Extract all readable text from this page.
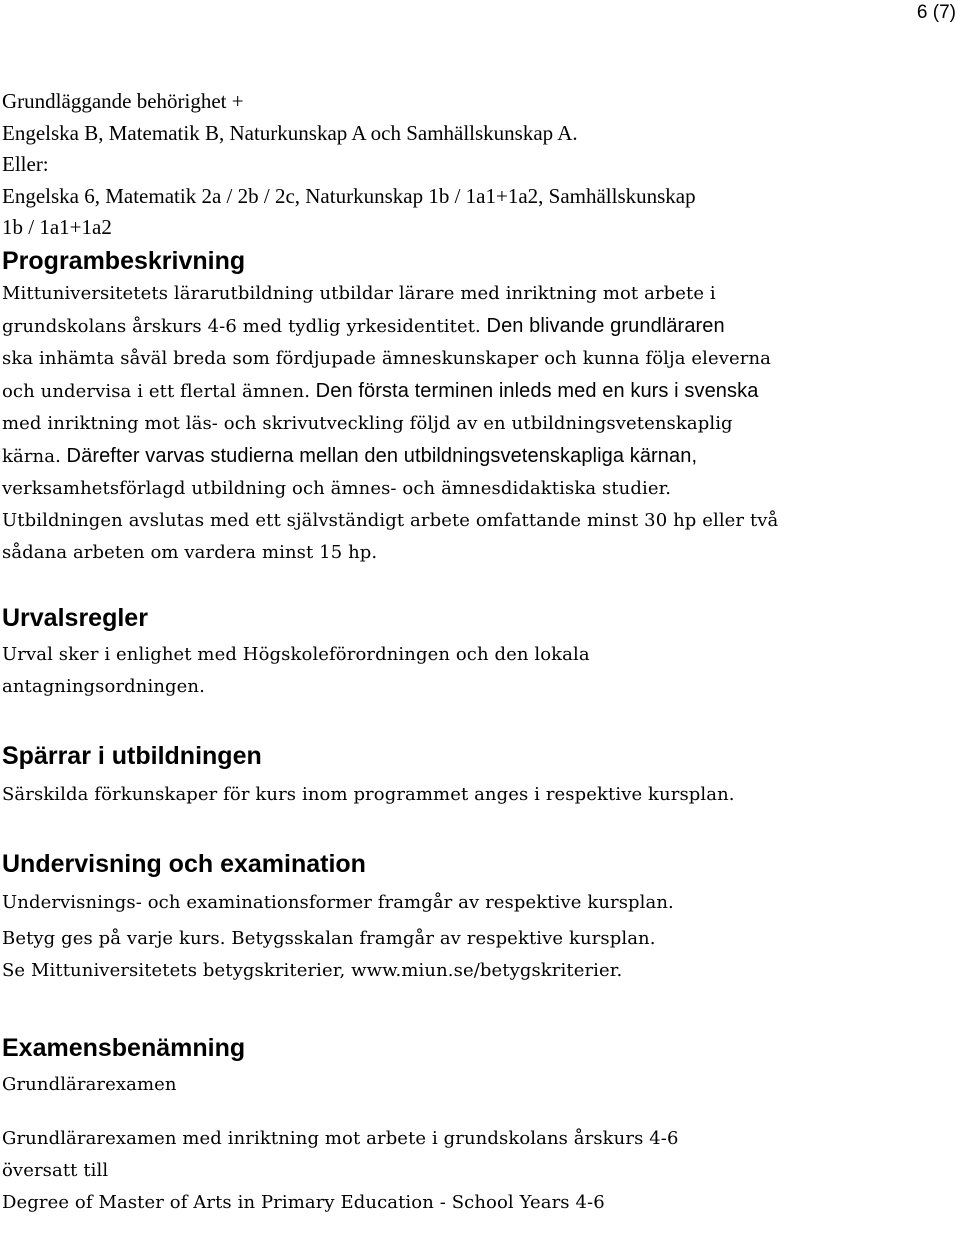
6 (7)
Grundläggande behörighet +
Engelska B, Matematik B, Naturkunskap A och Samhällskunskap A.
Eller:
Engelska 6, Matematik 2a / 2b / 2c, Naturkunskap 1b / 1a1+1a2, Samhällskunskap
1b / 1a1+1a2
Programbeskrivning
Mittuniversitetets lärarutbildning utbildar lärare med inriktning mot arbete i
grundskolans årskurs 4-6 med tydlig yrkesidentitet. Den blivande grundläraren
ska inhämta såväl breda som fördjupade ämneskunskaper och kunna följa eleverna
och undervisa i ett flertal ämnen. Den första terminen inleds med en kurs i svenska
med inriktning mot läs- och skrivutveckling följd av en utbildningsvetenskaplig
kärna. Därefter varvas studierna mellan den utbildningsvetenskapliga kärnan,
verksamhetsförlagd utbildning och ämnes- och ämnesdidaktiska studier.
Utbildningen avslutas med ett självständigt arbete omfattande minst 30 hp eller två
sådana arbeten om vardera minst 15 hp.
Urvalsregler
Urval sker i enlighet med Högskoleförordningen och den lokala
antagningsordningen.
Spärrar i utbildningen

Särskilda förkunskaper för kurs inom programmet anges i respektive kursplan.

Undervisning och examination

Undervisnings- och examinationsformer framgår av respektive kursplan.

Betyg ges på varje kurs. Betygsskalan framgår av respektive kursplan.

Se Mittuniversitetets betygskriterier, www.miun.se/betygskriterier.

Examensbenämning

Grundlärarexamen

Grundlärarexamen med inriktning mot arbete i grundskolans årskurs 4-6
översatt till
Degree of Master of Arts in Primary Education - School Years 4-6
